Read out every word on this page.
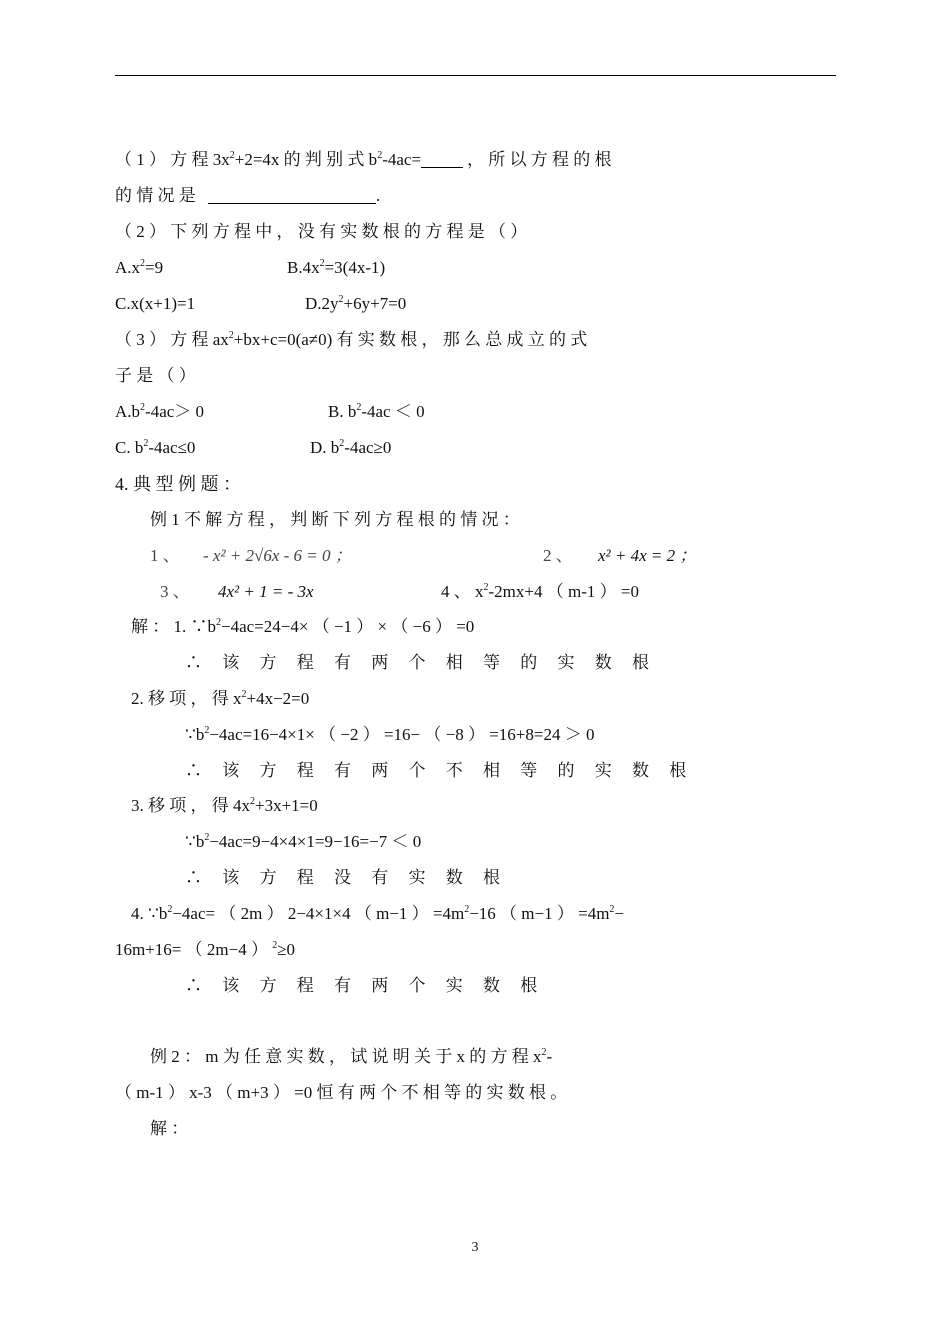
（ 1 ） 方 程 $3x^2+2=4x$ 的 判 别 式 $b^2-4ac=$	， 所 以 方 程 的 根
的 情 况 是	.
（ 2 ） 下 列 方 程 中 ， 没 有 实 数 根 的 方 程 是 （ ）
$A.x^2=9$	$B.4x^2=3(4x-1)$
C.x(x+1)=1	$D.2y^2+6y+7=0$
（ 3 ） 方 程 $ax^2+bx+c=0(a\ne 0)$ 有 实 数 根 ， 那 么 总 成 立 的 式
子 是 （ ）
$A.b^2-4ac> 0$	B. $b^2-4ac < 0$
C. $b^2-4ac\le 0$	D. $b^2-4ac\ge 0$
4. 典 型 例 题 ：
例 1 不 解 方 程 ， 判 断 下 列 方 程 根 的 情 况 ：
1 、 - x² + 2√6x - 6 = 0 ；	2 、 x² + 4x = 2 ；
3 、 4x² + 1 = - 3x	4 、 $x^2-2mx+4$ （ m-1 ） =0
解 ： 1. $\because b^2-4ac=24-4\times$ （ −1 ） × （ −6 ） =0
∴ 该 方 程 有 两 个 相 等 的 实 数 根
2. 移 项 ， 得 $x^2+4x-2=0$
$\because b^2-4ac=16-4\times 1\times$ （ −2 ） =16− （ −8 ） =16+8=24 ＞ 0
∴ 该 方 程 有 两 个 不 相 等 的 实 数 根
3. 移 项 ， 得 $4x^2+3x+1=0$
$\because b^2-4ac=9-4\times 4\times 1=9-16=-7 < 0$
∴ 该 方 程 没 有 实 数 根
4. $\because b^2-4ac=$ （ 2m ） 2−4×1×4 （ m−1 ） $=4m^2-16$ （ m−1 ） $=4m^2-$
16m+16= （ 2m−4 ） $^2$≥0
∴ 该 方 程 有 两 个 实 数 根
例 2 ： m 为 任 意 实 数 ， 试 说 明 关 于 x 的 方 程 $x^2-$
（ m-1 ） x-3 （ m+3 ） =0 恒 有 两 个 不 相 等 的 实 数 根 。
解 ：
3
